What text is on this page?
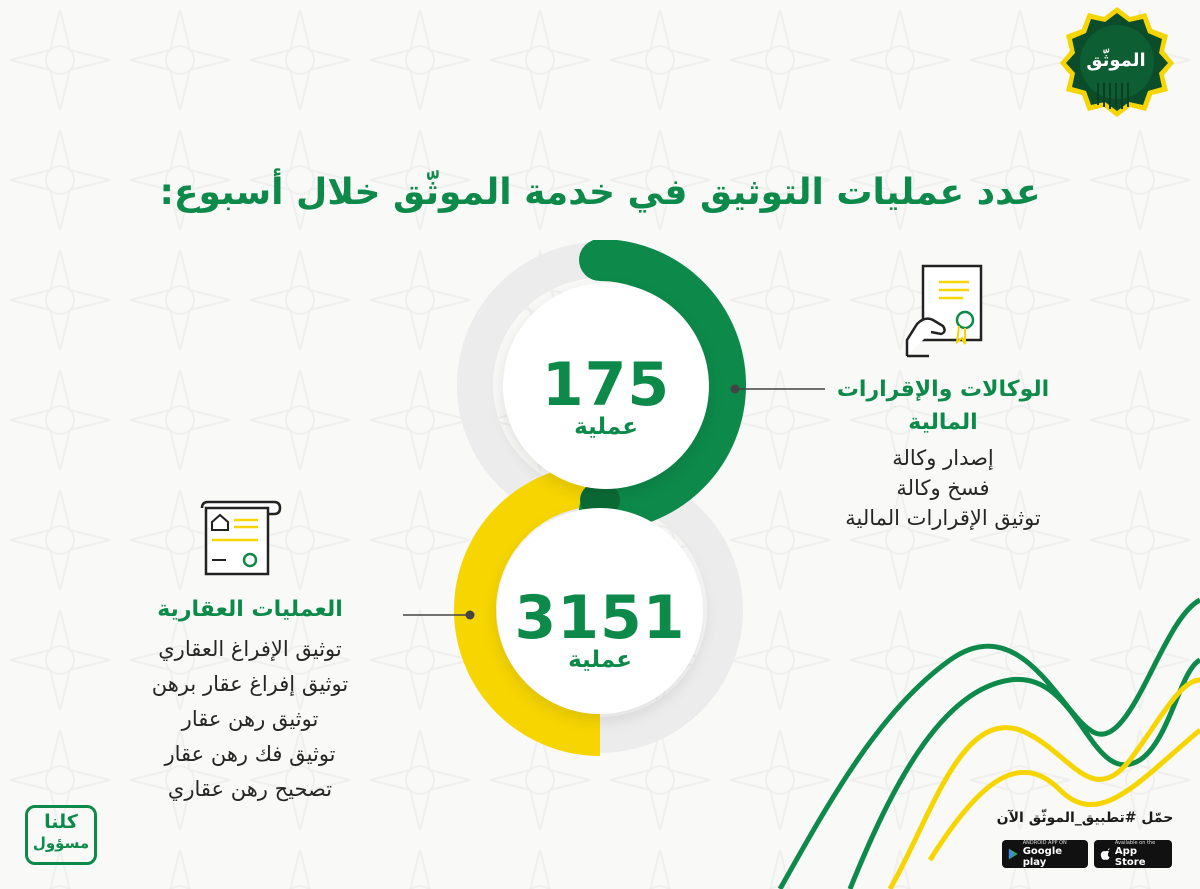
الموثّق
عدد عمليات التوثيق في خدمة الموثّق خلال أسبوع:
175
عملية
3151
عملية
الوكالات والإقرارات
المالية
إصدار وكالة
فسخ وكالة
توثيق الإقرارات المالية
العمليات العقارية
توثيق الإفراغ العقاري
توثيق إفراغ عقار برهن
توثيق رهن عقار
توثيق فك رهن عقار
تصحيح رهن عقاري
حمّل #تطبيق_الموثّق الآن
ANDROID APP ON
Google play
Available on the
App Store
كلنا
مسؤول
